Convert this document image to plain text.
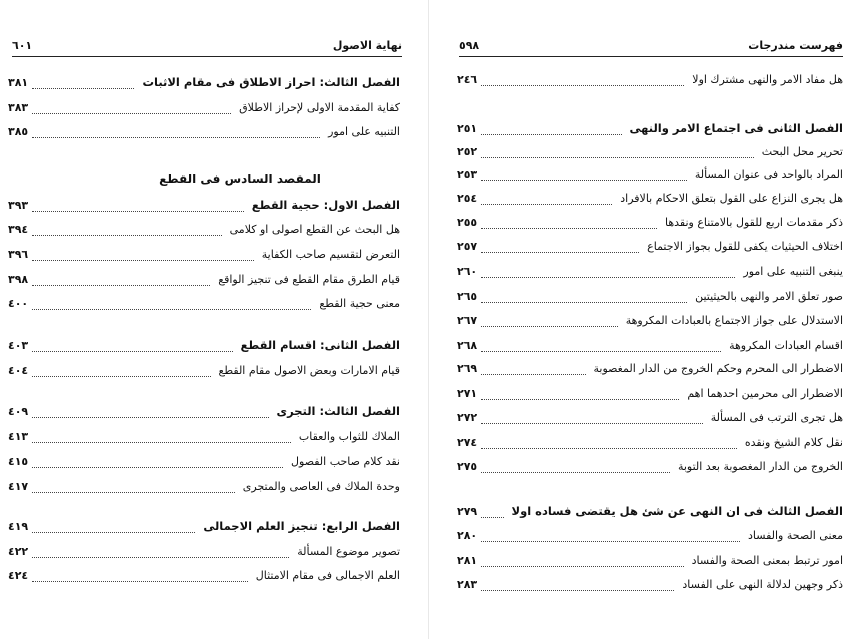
نهاية الاصول
٦٠١
الفصل الثالث: احراز الاطلاق فى مقام الاثبات
٣٨١
كفاية المقدمة الاولى لإحراز الاطلاق
٣٨٣
التنبيه على امور
٣٨٥
المقصد السادس فى القطع
الفصل الاول: حجية القطع
٣٩٣
هل البحث عن القطع اصولى او كلامى
٣٩٤
التعرض لتقسيم صاحب الكفاية
٣٩٦
قيام الطرق مقام القطع فى تنجيز الواقع
٣٩٨
معنى حجية القطع
٤٠٠
الفصل الثانى: اقسام القطع
٤٠٣
قيام الامارات وبعض الاصول مقام القطع
٤٠٤
الفصل الثالث: التجرى
٤٠٩
الملاك للثواب والعقاب
٤١٣
نقد كلام صاحب الفصول
٤١٥
وحدة الملاك فى العاصى والمتجرى
٤١٧
الفصل الرابع: تنجيز العلم الاجمالى
٤١٩
تصوير موضوع المسألة
٤٢٢
العلم الاجمالى فى مقام الامتثال
٤٢٤
فهرست مندرجات
٥٩٨
هل مفاد الامر والنهى مشترك اولا
٢٤٦
الفصل الثانى فى اجتماع الامر والنهى
٢٥١
تحرير محل البحث
٢٥٢
المراد بالواحد فى عنوان المسألة
٢٥٣
هل يجرى النزاع على القول بتعلق الاحكام بالافراد
٢٥٤
ذكر مقدمات اربع للقول بالامتناع ونقدها
٢٥٥
اختلاف الحيثيات يكفى للقول بجواز الاجتماع
٢٥٧
ينبغى التنبيه على امور
٢٦٠
صور تعلق الامر والنهى بالحيثيتين
٢٦٥
الاستدلال على جواز الاجتماع بالعبادات المكروهة
٢٦٧
اقسام العبادات المكروهة
٢٦٨
الاضطرار الى المحرم وحكم الخروج من الدار المغصوبة
٢٦٩
الاضطرار الى محرمين احدهما اهم
٢٧١
هل تجرى الترتب فى المسألة
٢٧٢
نقل كلام الشيخ ونقده
٢٧٤
الخروج من الدار المغصوبة بعد التوبة
٢٧٥
الفصل الثالث فى ان النهى عن شئ هل يقتضى فساده اولا
٢٧٩
معنى الصحة والفساد
٢٨٠
امور ترتبط بمعنى الصحة والفساد
٢٨١
ذكر وجهين لدلالة النهى على الفساد
٢٨٣
